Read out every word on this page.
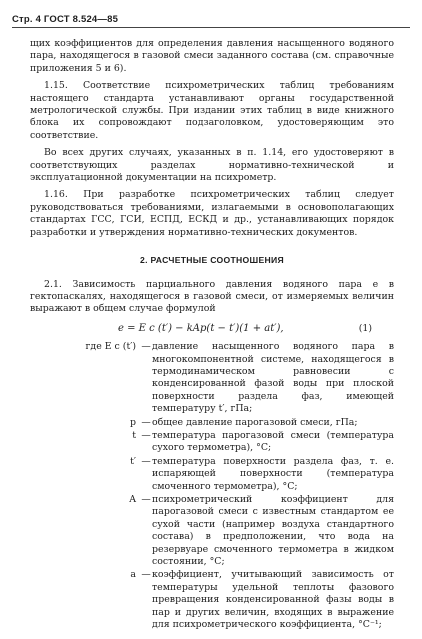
Стр. 4 ГОСТ 8.524—85

щих коэффициентов для определения давления насыщенного водяного пара, находящегося в газовой смеси заданного состава (см. справочные приложения 5 и 6).

1.15. Соответствие психрометрических таблиц требованиям настоящего стандарта устанавливают органы государственной метрологической службы. При издании этих таблиц в виде книжного блока их сопровождают подзаголовком, удостоверяющим это соответствие.

Во всех других случаях, указанных в п. 1.14, его удостоверяют в соответствующих разделах нормативно-технической и эксплуатационной документации на психрометр.

1.16. При разработке психрометрических таблиц следует руководствоваться требованиями, излагаемыми в основополагающих стандартах ГСС, ГСИ, ЕСПД, ЕСКД и др., устанавливающих порядок разработки и утверждения нормативно-технических документов.

2. РАСЧЕТНЫЕ СООТНОШЕНИЯ

2.1. Зависимость парциального давления водяного пара e в гектопаскалях, находящегося в газовой смеси, от измеряемых величин выражают в общем случае формулой

e = E c (t′) − kAp(t − t′)(1 + at′),	(1)
где E c (t′) — давление насыщенного водяного пара в многокомпонентной системе, находящегося в термодинамическом равновесии с конденсированной фазой воды при плоской поверхности раздела фаз, имеющей температуру t′, гПа;
p — общее давление парогазовой смеси, гПа;
t — температура парогазовой смеси (температура сухого термометра), °С;
t′ — температура поверхности раздела фаз, т. е. испаряющей поверхности (температура смоченного термометра), °С;
A — психрометрический коэффициент для парогазовой смеси с известным стандартом ее сухой части (например воздуха стандартного состава) в предположении, что вода на резервуаре смоченного термометра в жидком состоянии, °С;
a — коэффициент, учитывающий зависимость от температуры удельной теплоты фазового превращения конденсированной фазы воды в пар и других величин, входящих в выражение для психрометрического коэффициента, °С⁻¹;
